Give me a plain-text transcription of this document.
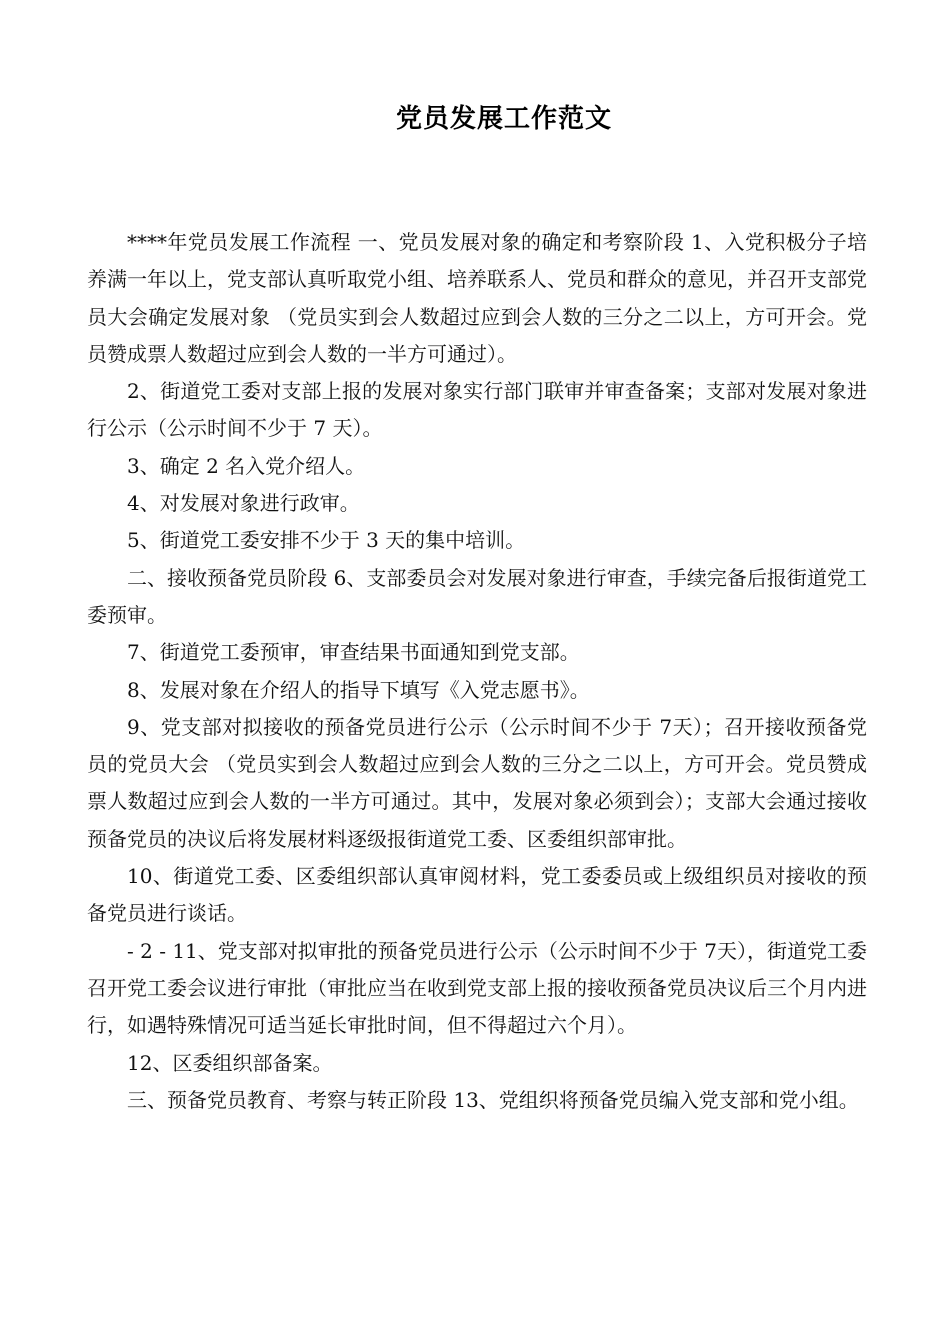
党员发展工作范文

****年党员发展工作流程 一、党员发展对象的确定和考察阶段 1、入党积极分子培养满一年以上，党支部认真听取党小组、培养联系人、党员和群众的意见，并召开支部党员大会确定发展对象 （党员实到会人数超过应到会人数的三分之二以上，方可开会。党员赞成票人数超过应到会人数的一半方可通过）。

2、街道党工委对支部上报的发展对象实行部门联审并审查备案；支部对发展对象进行公示（公示时间不少于 7 天）。

3、确定 2 名入党介绍人。

4、对发展对象进行政审。

5、街道党工委安排不少于 3 天的集中培训。

二、接收预备党员阶段 6、支部委员会对发展对象进行审查，手续完备后报街道党工委预审。

7、街道党工委预审，审查结果书面通知到党支部。

8、发展对象在介绍人的指导下填写《入党志愿书》。

9、党支部对拟接收的预备党员进行公示（公示时间不少于 7天）；召开接收预备党员的党员大会 （党员实到会人数超过应到会人数的三分之二以上，方可开会。党员赞成票人数超过应到会人数的一半方可通过。其中，发展对象必须到会）；支部大会通过接收预备党员的决议后将发展材料逐级报街道党工委、区委组织部审批。

10、街道党工委、区委组织部认真审阅材料，党工委委员或上级组织员对接收的预备党员进行谈话。

- 2 - 11、党支部对拟审批的预备党员进行公示（公示时间不少于 7天），街道党工委召开党工委会议进行审批（审批应当在收到党支部上报的接收预备党员决议后三个月内进行，如遇特殊情况可适当延长审批时间，但不得超过六个月）。

12、区委组织部备案。

三、预备党员教育、考察与转正阶段 13、党组织将预备党员编入党支部和党小组。
